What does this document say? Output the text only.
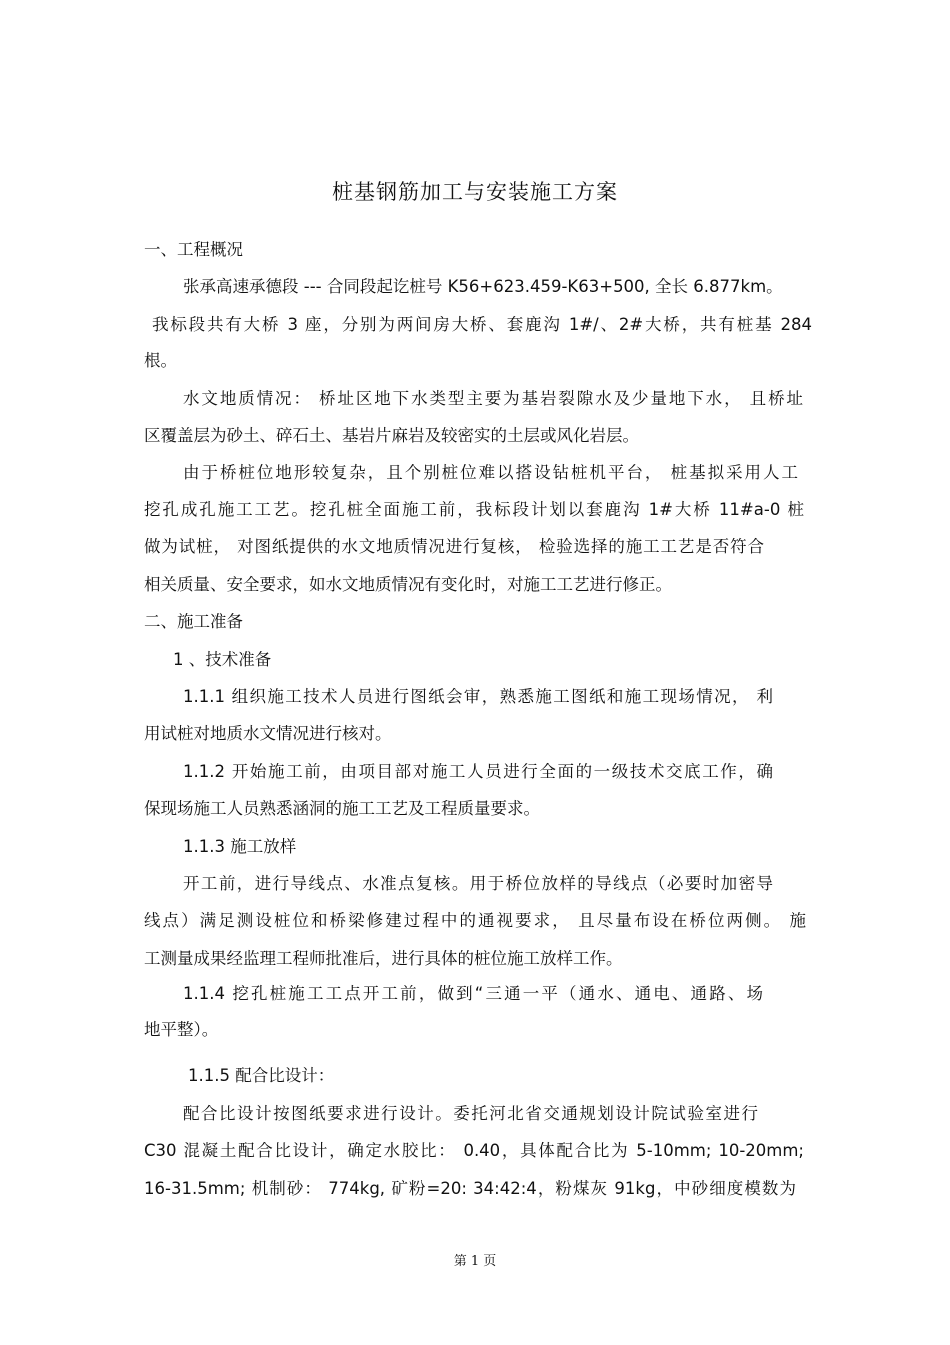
桩基钢筋加工与安装施工方案
一、工程概况
张承高速承德段 --- 合同段起讫桩号 K56+623.459-K63+500, 全长 6.877km。
我标段共有大桥 3 座，分别为两间房大桥、套鹿沟 1#/、2#大桥，共有桩基 284
根。
水文地质情况： 桥址区地下水类型主要为基岩裂隙水及少量地下水， 且桥址
区覆盖层为砂土、碎石土、基岩片麻岩及较密实的土层或风化岩层。
由于桥桩位地形较复杂，且个别桩位难以搭设钻桩机平台， 桩基拟采用人工
挖孔成孔施工工艺。挖孔桩全面施工前，我标段计划以套鹿沟 1#大桥 11#a-0 桩
做为试桩， 对图纸提供的水文地质情况进行复核， 检验选择的施工工艺是否符合
相关质量、安全要求，如水文地质情况有变化时，对施工工艺进行修正。
二、施工准备
1 、技术准备
1.1.1 组织施工技术人员进行图纸会审，熟悉施工图纸和施工现场情况， 利
用试桩对地质水文情况进行核对。
1.1.2 开始施工前，由项目部对施工人员进行全面的一级技术交底工作，确
保现场施工人员熟悉涵洞的施工工艺及工程质量要求。
1.1.3 施工放样
开工前，进行导线点、水准点复核。用于桥位放样的导线点（必要时加密导
线点）满足测设桩位和桥梁修建过程中的通视要求， 且尽量布设在桥位两侧。 施
工测量成果经监理工程师批准后，进行具体的桩位施工放样工作。
1.1.4 挖孔桩施工工点开工前，做到“三通一平（通水、通电、通路、场
地平整）。
1.1.5 配合比设计：
配合比设计按图纸要求进行设计。委托河北省交通规划设计院试验室进行
C30 混凝土配合比设计，确定水胶比： 0.40，具体配合比为 5-10mm; 10-20mm;
16-31.5mm; 机制砂： 774kg, 矿粉=20: 34:42:4，粉煤灰 91kg，中砂细度模数为
第 1 页
